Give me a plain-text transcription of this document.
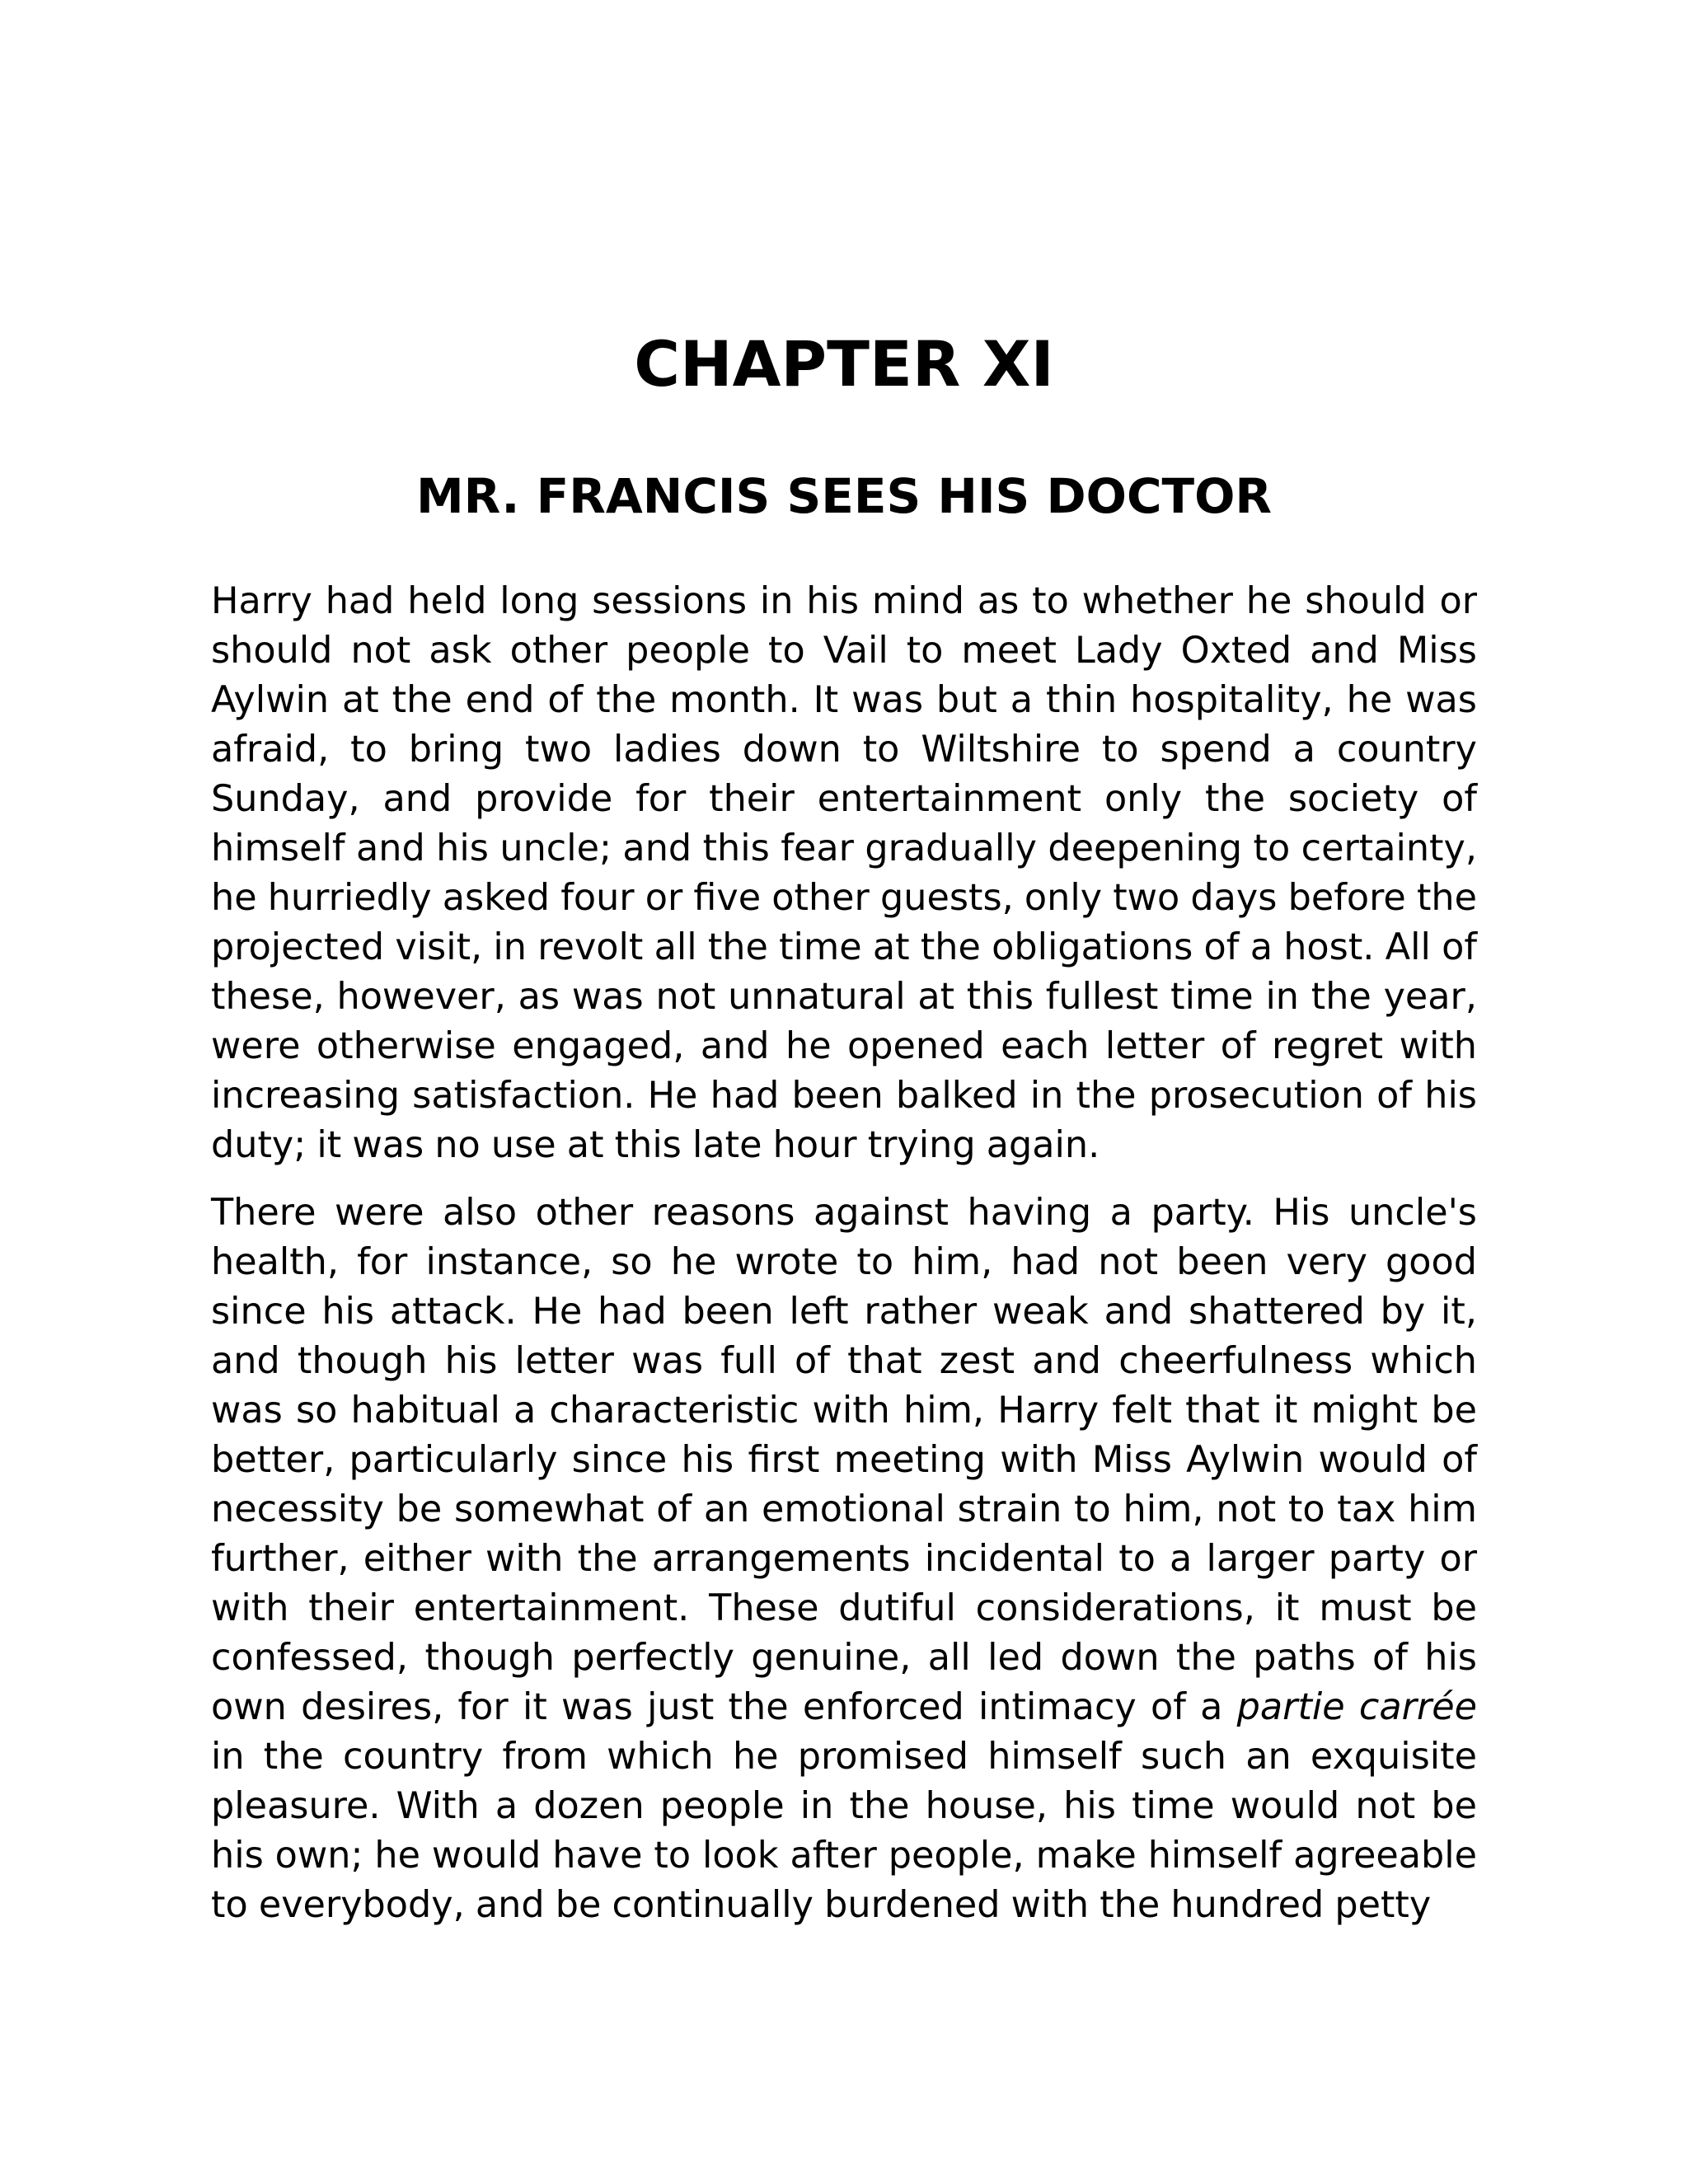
CHAPTER XI
MR. FRANCIS SEES HIS DOCTOR

Harry had held long sessions in his mind as to whether he should or should not ask other people to Vail to meet Lady Oxted and Miss Aylwin at the end of the month. It was but a thin hospitality, he was afraid, to bring two ladies down to Wiltshire to spend a country Sunday, and provide for their entertainment only the society of himself and his uncle; and this fear gradually deepening to certainty, he hurriedly asked four or five other guests, only two days before the projected visit, in revolt all the time at the obligations of a host. All of these, however, as was not unnatural at this fullest time in the year, were otherwise engaged, and he opened each letter of regret with increasing satisfaction. He had been balked in the prosecution of his duty; it was no use at this late hour trying again.

There were also other reasons against having a party. His uncle's health, for instance, so he wrote to him, had not been very good since his attack. He had been left rather weak and shattered by it, and though his letter was full of that zest and cheerfulness which was so habitual a characteristic with him, Harry felt that it might be better, particularly since his first meeting with Miss Aylwin would of necessity be somewhat of an emotional strain to him, not to tax him further, either with the arrangements incidental to a larger party or with their entertainment. These dutiful considerations, it must be confessed, though perfectly genuine, all led down the paths of his own desires, for it was just the enforced intimacy of a partie carrée in the country from which he promised himself such an exquisite pleasure. With a dozen people in the house, his time would not be his own; he would have to look after people, make himself agreeable to everybody, and be continually burdened with the hundred petty
